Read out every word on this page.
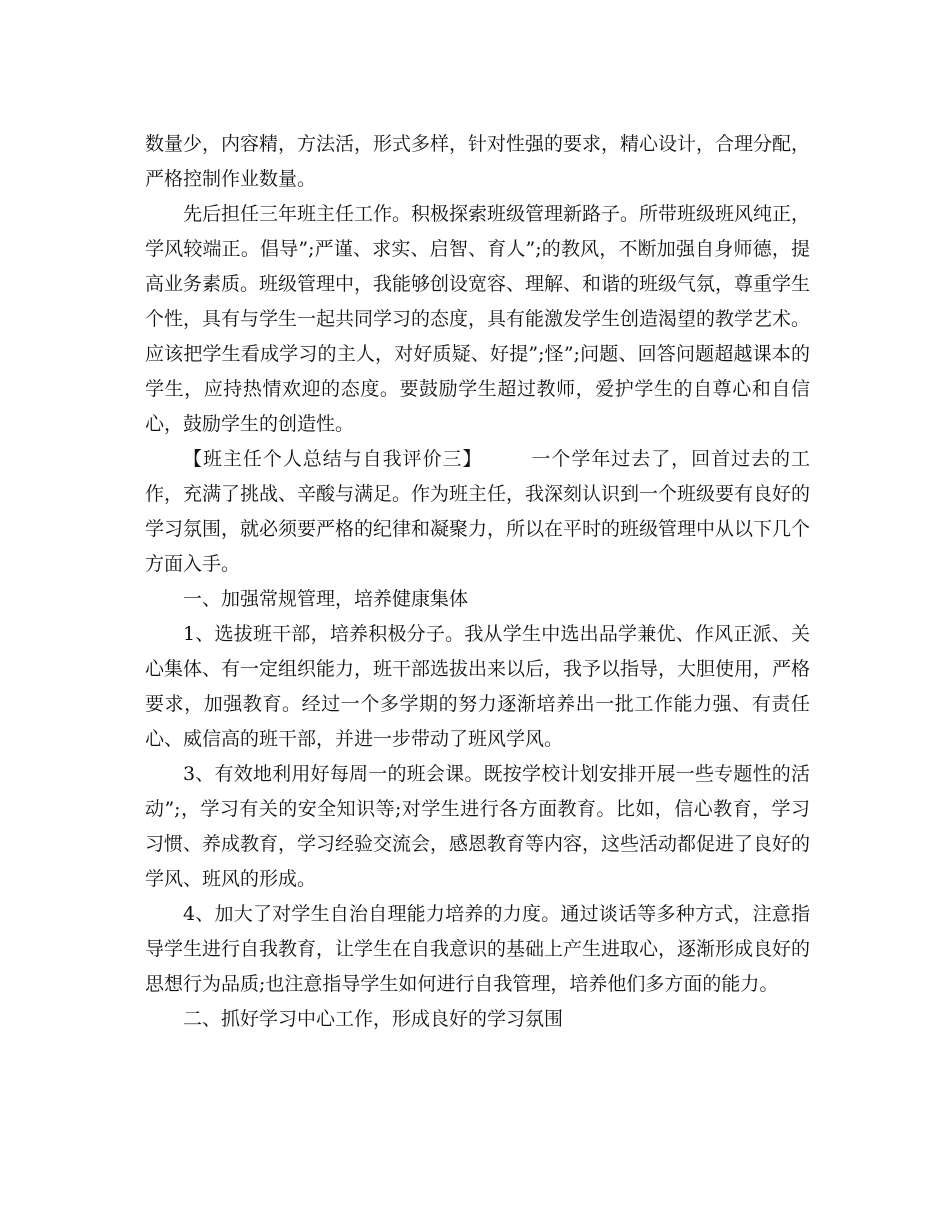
数量少，内容精，方法活，形式多样，针对性强的要求，精心设计，合理分配，严格控制作业数量。

先后担任三年班主任工作。积极探索班级管理新路子。所带班级班风纯正，学风较端正。倡导”;严谨、求实、启智、育人”;的教风，不断加强自身师德，提高业务素质。班级管理中，我能够创设宽容、理解、和谐的班级气氛，尊重学生个性，具有与学生一起共同学习的态度，具有能激发学生创造渴望的教学艺术。应该把学生看成学习的主人，对好质疑、好提”;怪”;问题、回答问题超越课本的学生，应持热情欢迎的态度。要鼓励学生超过教师，爱护学生的自尊心和自信心，鼓励学生的创造性。

【班主任个人总结与自我评价三】	一个学年过去了，回首过去的工作，充满了挑战、辛酸与满足。作为班主任，我深刻认识到一个班级要有良好的学习氛围，就必须要严格的纪律和凝聚力，所以在平时的班级管理中从以下几个方面入手。

一、加强常规管理，培养健康集体

1、选拔班干部，培养积极分子。我从学生中选出品学兼优、作风正派、关心集体、有一定组织能力，班干部选拔出来以后，我予以指导，大胆使用，严格要求，加强教育。经过一个多学期的努力逐渐培养出一批工作能力强、有责任心、威信高的班干部，并进一步带动了班风学风。

3、有效地利用好每周一的班会课。既按学校计划安排开展一些专题性的活动”;，学习有关的安全知识等;对学生进行各方面教育。比如，信心教育，学习习惯、养成教育，学习经验交流会，感恩教育等内容，这些活动都促进了良好的学风、班风的形成。

4、加大了对学生自治自理能力培养的力度。通过谈话等多种方式，注意指导学生进行自我教育，让学生在自我意识的基础上产生进取心，逐渐形成良好的思想行为品质;也注意指导学生如何进行自我管理，培养他们多方面的能力。

二、抓好学习中心工作，形成良好的学习氛围
